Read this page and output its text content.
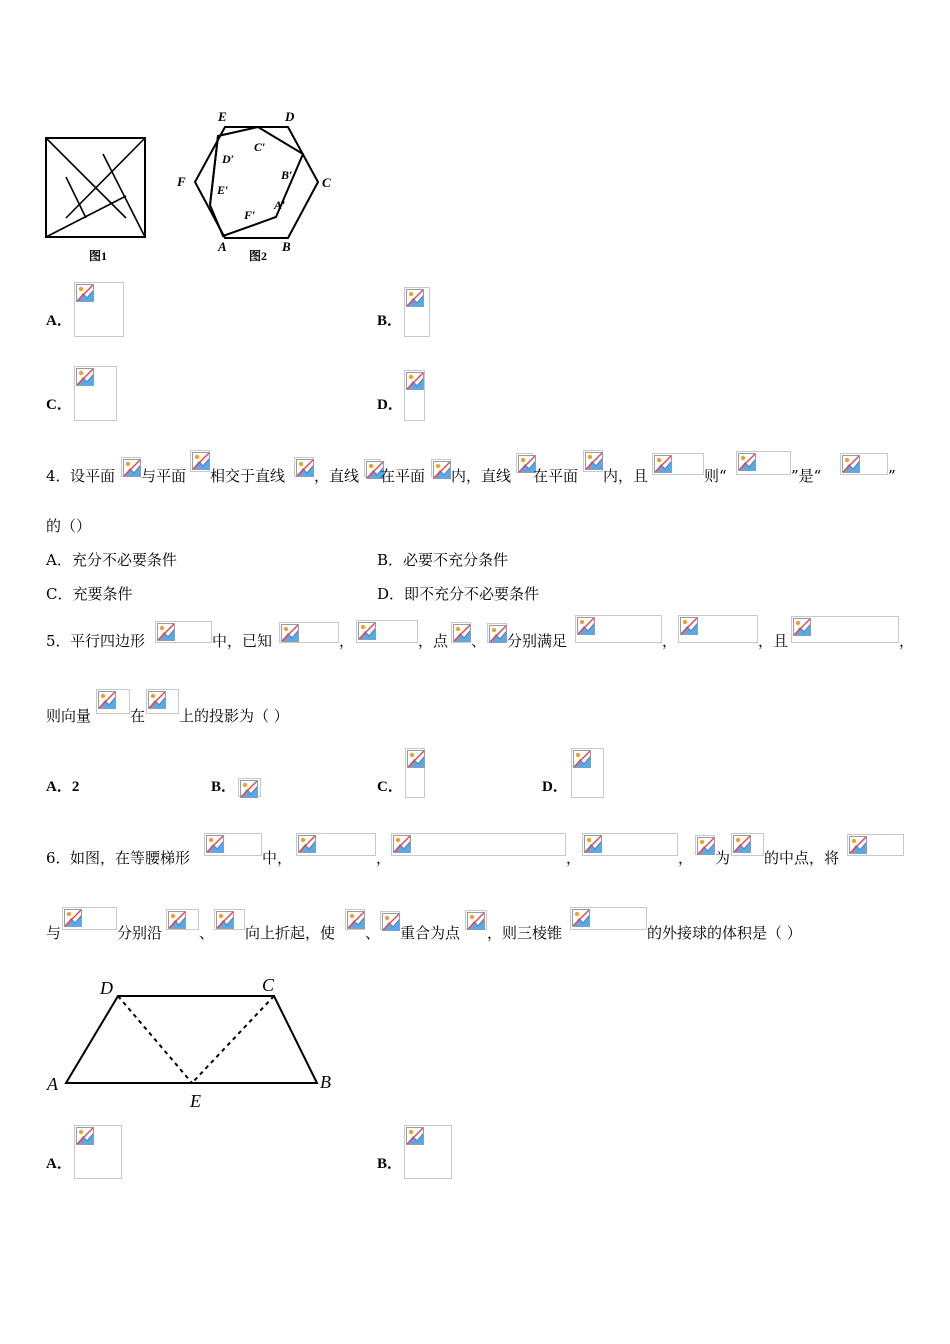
图1
E	D
C
F
A	B
D′
C′
B′
E′
A′
F′
图2
A．	B．
C．	D．
4． 设平面 与平面 相交于直线 ，直线 在平面 内，直线 在平面 内，且	则“	”是“	”
的（）
A．充分不必要条件	B．必要不充分条件
C．充要条件	D．即不充分不必要条件
5． 平行四边形	中，已知	，	，点 、 分别满足	，	，且	，
则向量	在 上的投影为（ ）
A．2	B．	C．	D．
6． 如图，在等腰梯形	中，	，	，	， 为 的中点，将
与	分别沿 、 向上折起，使 、 重合为点 ，则三棱锥	的外接球的体积是（ ）
D	C
A	B
E
A．	B．
